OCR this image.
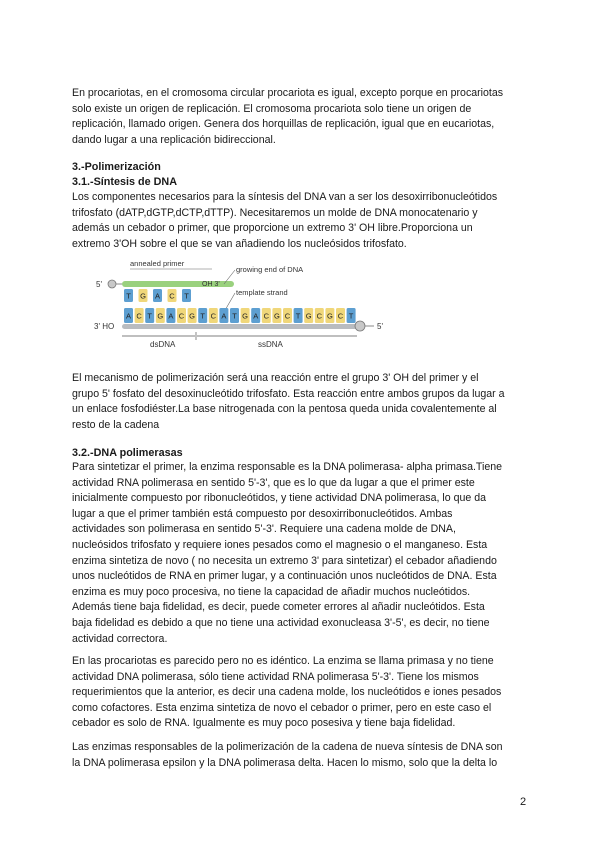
En procariotas, en el cromosoma circular procariota es igual, excepto porque en procariotas
solo existe un origen de replicación. El cromosoma procariota solo tiene un origen de
replicación, llamado origen. Genera dos horquillas de replicación, igual que en eucariotas,
dando lugar a una replicación bidireccional.

3.-Polimerización
3.1.-Síntesis de DNA

Los componentes necesarios para la síntesis del DNA van a ser los desoxirribonucleótidos
trifosfato (dATP,dGTP,dCTP,dTTP). Necesitaremos un molde de DNA monocatenario y
además un cebador o primer, que proporcione un extremo 3' OH libre.Proporciona un
extremo 3'OH sobre el que se van añadiendo los nucleósidos trifosfato.

5'	OH 3'
annealed primer
growing end of DNA
template strand
T G A C T
A C T G A C G T C A T G A C G C T G C G C T
3' HO	5'
dsDNA	ssDNA

El mecanismo de polimerización será una reacción entre el grupo 3' OH del primer y el
grupo 5' fosfato del desoxinucleótido trifosfato. Esta reacción entre ambos grupos da lugar a
un enlace fosfodiéster.La base nitrogenada con la pentosa queda unida covalentemente al
resto de la cadena

3.2.-DNA polimerasas

Para sintetizar el primer, la enzima responsable es la DNA polimerasa- alpha primasa.Tiene
actividad RNA polimerasa en sentido 5'-3', que es lo que da lugar a que el primer este
inicialmente compuesto por ribonucleótidos, y tiene actividad DNA polimerasa, lo que da
lugar a que el primer también está compuesto por desoxirribonucleótidos. Ambas
actividades son polimerasa en sentido 5'-3'. Requiere una cadena molde de DNA,
nucleósidos trifosfato y requiere iones pesados como el magnesio o el manganeso. Esta
enzima sintetiza de novo ( no necesita un extremo 3' para sintetizar) el cebador añadiendo
unos nucleótidos de RNA en primer lugar, y a continuación unos nucleótidos de DNA. Esta
enzima es muy poco procesiva, no tiene la capacidad de añadir muchos nucleótidos.
Además tiene baja fidelidad, es decir, puede cometer errores al añadir nucleótidos. Esta
baja fidelidad es debido a que no tiene una actividad exonucleasa 3'-5', es decir, no tiene
actividad correctora.

En las procariotas es parecido pero no es idéntico. La enzima se llama primasa y no tiene
actividad DNA polimerasa, sólo tiene actividad RNA polimerasa 5'-3'. Tiene los mismos
requerimientos que la anterior, es decir una cadena molde, los nucleótidos e iones pesados
como cofactores. Esta enzima sintetiza de novo el cebador o primer, pero en este caso el
cebador es solo de RNA. Igualmente es muy poco posesiva y tiene baja fidelidad.

Las enzimas responsables de la polimerización de la cadena de nueva síntesis de DNA son
la DNA polimerasa epsilon y la DNA polimerasa delta. Hacen lo mismo, solo que la delta lo

2
